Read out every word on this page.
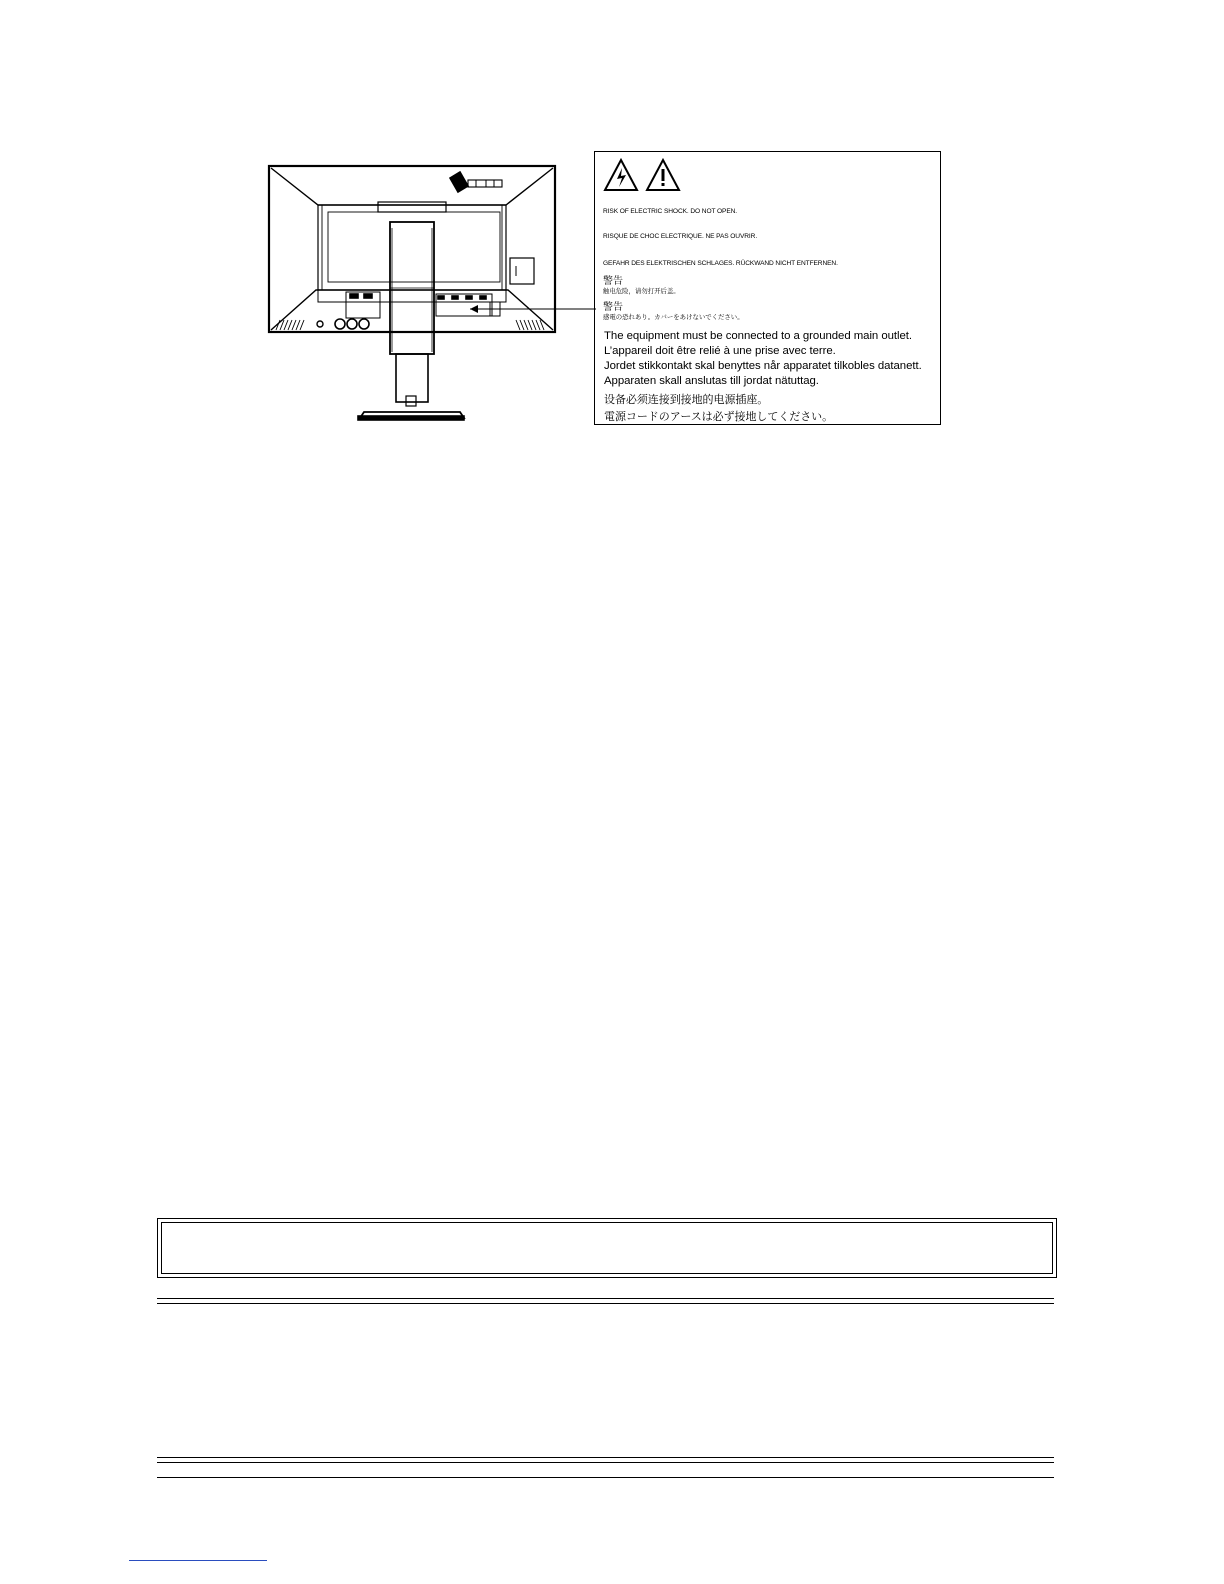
RISK OF ELECTRIC SHOCK. DO NOT OPEN.
RISQUE DE CHOC ELECTRIQUE. NE PAS OUVRIR.
GEFAHR DES ELEKTRISCHEN SCHLAGES. RÜCKWAND NICHT ENTFERNEN.
警告
触电危险，请勿打开后盖。
警告
感電の恐れあり。カバーをあけないでください。
The equipment must be connected to a grounded main outlet.
L’appareil doit être relié à une prise avec terre.
Jordet stikkontakt skal benyttes når apparatet tilkobles datanett.
Apparaten skall anslutas till jordat nätuttag.
设备必须连接到接地的电源插座。
電源コードのアースは必ず接地してください。
